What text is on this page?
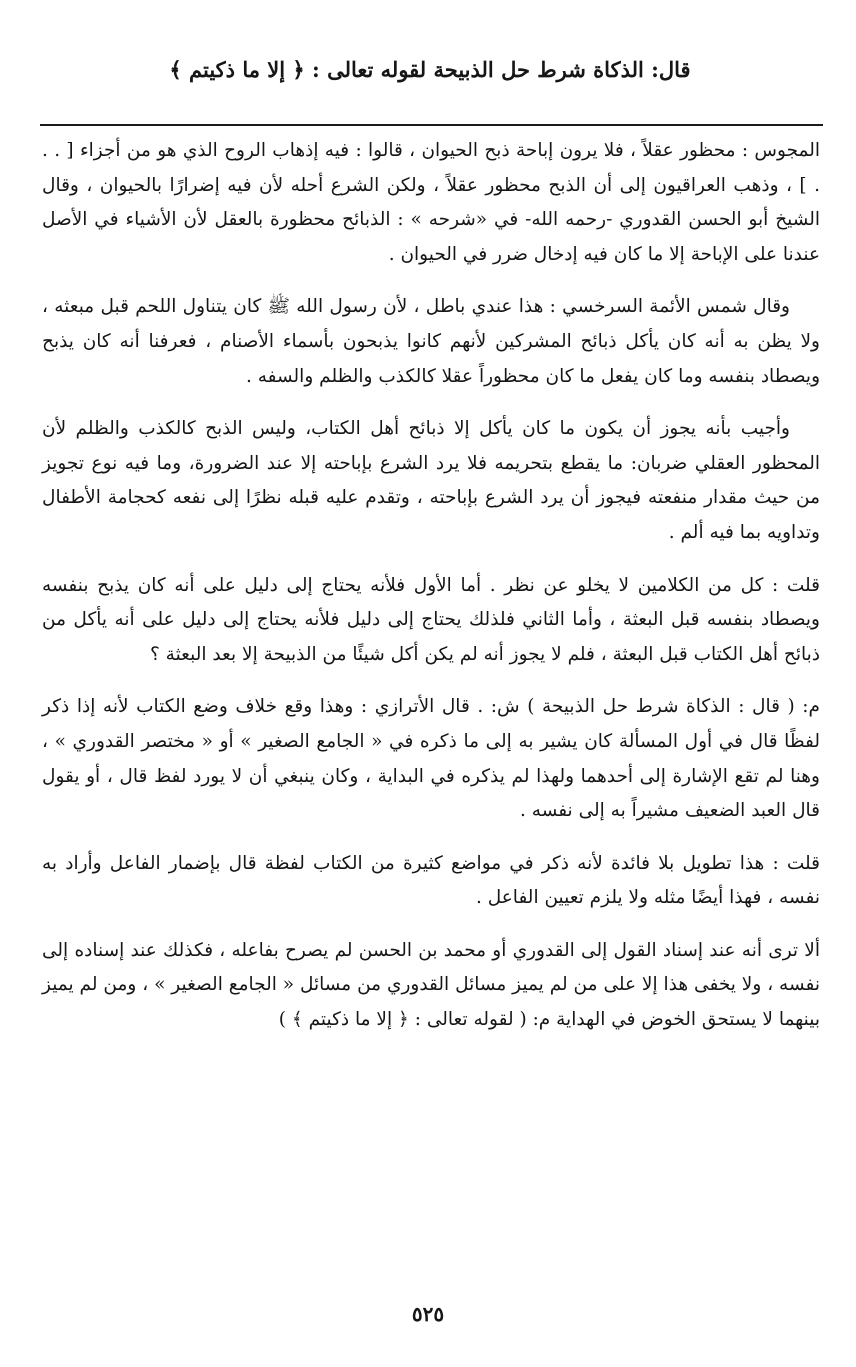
قال: الذكاة شرط حل الذبيحة لقوله تعالى : ﴿ إلا ما ذكيتم ﴾

المجوس : محظور عقلاً ، فلا يرون إباحة ذبح الحيوان ، قالوا : فيه إذهاب الروح الذي هو من أجزاء [ . . . ] ، وذهب العراقيون إلى أن الذبح محظور عقلاً ، ولكن الشرع أحله لأن فيه إضرارًا بالحيوان ، وقال الشيخ أبو الحسن القدوري -رحمه الله- في «شرحه » : الذبائح محظورة بالعقل لأن الأشياء في الأصل عندنا على الإباحة إلا ما كان فيه إدخال ضرر في الحيوان .

وقال شمس الأئمة السرخسي : هذا عندي باطل ، لأن رسول الله ﷺ كان يتناول اللحم قبل مبعثه ، ولا يظن به أنه كان يأكل ذبائح المشركين لأنهم كانوا يذبحون بأسماء الأصنام ، فعرفنا أنه كان يذبح ويصطاد بنفسه وما كان يفعل ما كان محظوراً عقلا كالكذب والظلم والسفه .

وأجيب بأنه يجوز أن يكون ما كان يأكل إلا ذبائح أهل الكتاب، وليس الذبح كالكذب والظلم لأن المحظور العقلي ضربان: ما يقطع بتحريمه فلا يرد الشرع بإباحته إلا عند الضرورة، وما فيه نوع تجويز من حيث مقدار منفعته فيجوز أن يرد الشرع بإباحته ، وتقدم عليه قبله نظرًا إلى نفعه كحجامة الأطفال وتداويه بما فيه ألم .

قلت : كل من الكلامين لا يخلو عن نظر . أما الأول فلأنه يحتاج إلى دليل على أنه كان يذبح بنفسه ويصطاد بنفسه قبل البعثة ، وأما الثاني فلذلك يحتاج إلى دليل فلأنه يحتاج إلى دليل على أنه يأكل من ذبائح أهل الكتاب قبل البعثة ، فلم لا يجوز أنه لم يكن أكل شيئًا من الذبيحة إلا بعد البعثة ؟

م: ( قال : الذكاة شرط حل الذبيحة ) ش: . قال الأترازي : وهذا وقع خلاف وضع الكتاب لأنه إذا ذكر لفظًا قال في أول المسألة كان يشير به إلى ما ذكره في « الجامع الصغير » أو « مختصر القدوري » ، وهنا لم تقع الإشارة إلى أحدهما ولهذا لم يذكره في البداية ، وكان ينبغي أن لا يورد لفظ قال ، أو يقول قال العبد الضعيف مشيراً به إلى نفسه .

قلت : هذا تطويل بلا فائدة لأنه ذكر في مواضع كثيرة من الكتاب لفظة قال بإضمار الفاعل وأراد به نفسه ، فهذا أيضًا مثله ولا يلزم تعيين الفاعل .

ألا ترى أنه عند إسناد القول إلى القدوري أو محمد بن الحسن لم يصرح بفاعله ، فكذلك عند إسناده إلى نفسه ، ولا يخفى هذا إلا على من لم يميز مسائل القدوري من مسائل « الجامع الصغير » ، ومن لم يميز بينهما لا يستحق الخوض في الهداية م: ( لقوله تعالى : ﴿ إلا ما ذكيتم ﴾ )

٥٢٥
